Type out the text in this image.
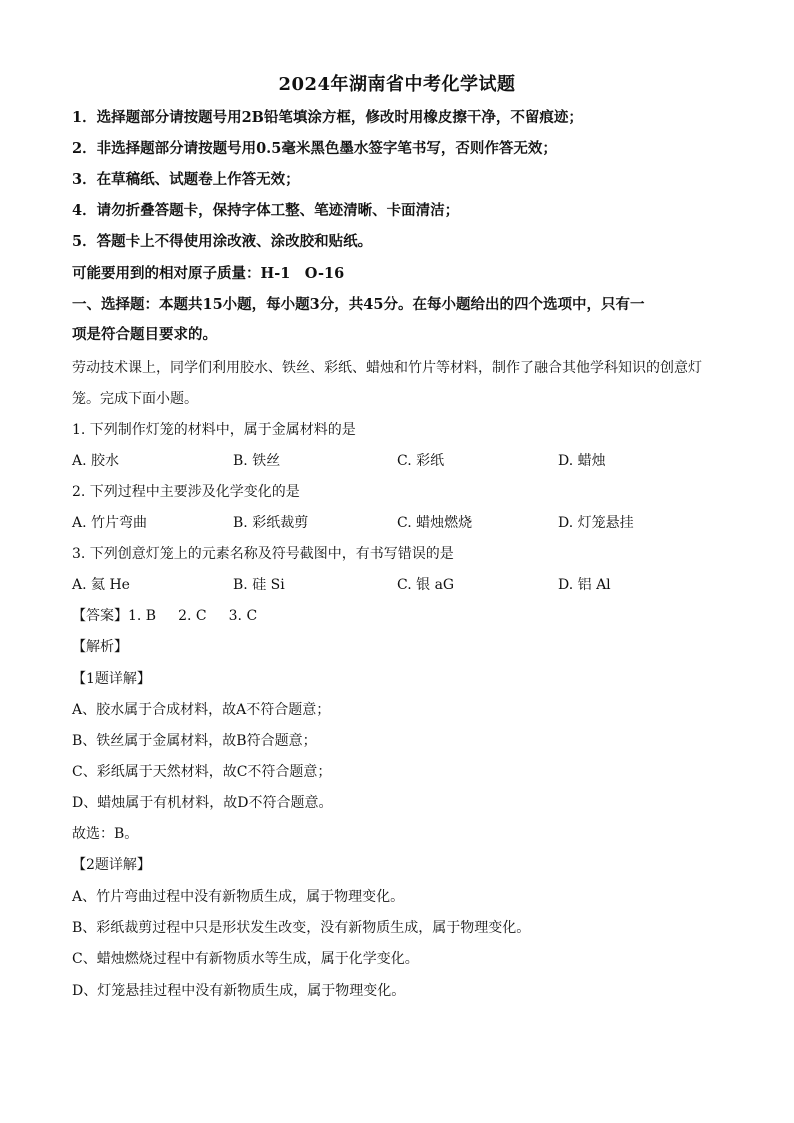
2024年湖南省中考化学试题
1．选择题部分请按题号用2B铅笔填涂方框，修改时用橡皮擦干净，不留痕迹；
2．非选择题部分请按题号用0.5毫米黑色墨水签字笔书写，否则作答无效；
3．在草稿纸、试题卷上作答无效；
4．请勿折叠答题卡，保持字体工整、笔迹清晰、卡面清洁；
5．答题卡上不得使用涂改液、涂改胶和贴纸。
可能要用到的相对原子质量：H-1　O-16
一、选择题：本题共15小题，每小题3分，共45分。在每小题给出的四个选项中，只有一
项是符合题目要求的。
劳动技术课上，同学们利用胶水、铁丝、彩纸、蜡烛和竹片等材料，制作了融合其他学科知识的创意灯
笼。完成下面小题。
1. 下列制作灯笼的材料中，属于金属材料的是
A. 胶水	B. 铁丝	C. 彩纸	D. 蜡烛
2. 下列过程中主要涉及化学变化的是
A. 竹片弯曲	B. 彩纸裁剪	C. 蜡烛燃烧	D. 灯笼悬挂
3. 下列创意灯笼上的元素名称及符号截图中，有书写错误的是
A. 氦 He	B. 硅 Si	C. 银 aG	D. 铝 Al
【答案】1. B 2. C 3. C
【解析】
【1题详解】
A、胶水属于合成材料，故A不符合题意；
B、铁丝属于金属材料，故B符合题意；
C、彩纸属于天然材料，故C不符合题意；
D、蜡烛属于有机材料，故D不符合题意。
故选：B。
【2题详解】
A、竹片弯曲过程中没有新物质生成，属于物理变化。
B、彩纸裁剪过程中只是形状发生改变，没有新物质生成，属于物理变化。
C、蜡烛燃烧过程中有新物质水等生成，属于化学变化。
D、灯笼悬挂过程中没有新物质生成，属于物理变化。
